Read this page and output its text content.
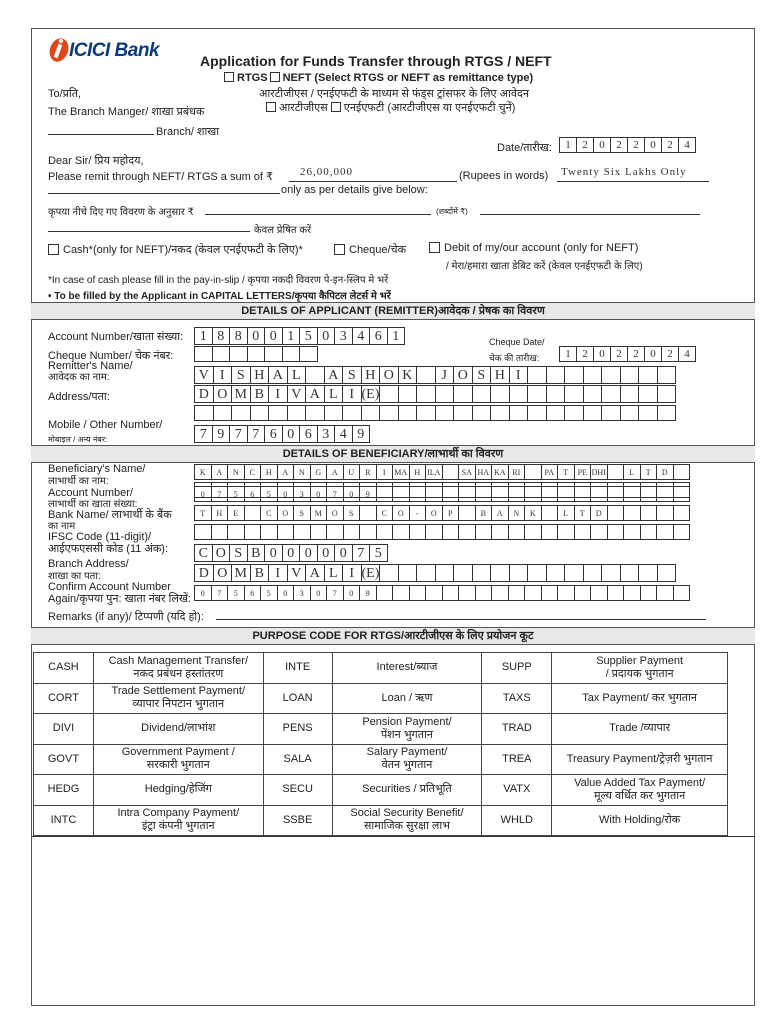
ICICI Bank	Application for Funds Transfer through RTGS / NEFT
RTGS NEFT (Select RTGS or NEFT as remittance type)
आरटीजीएस / एनईएफटी के माध्यम से फंड्स ट्रांसफर के लिए आवेदन
आरटीजीएस एनईएफटी (आरटीजीएस या एनईएफटी चुनें)
To/प्रति,
The Branch Manger/ शाखा प्रबंधक
Branch/ शाखा
Date/तारीख:	1	2	0	2	2	0	2	4
Dear Sir/ प्रिय महोदय,
Please remit through NEFT/ RTGS a sum of ₹ 26,00,000	(Rupees in words) Twenty Six Lakhs Only
only as per details give below:
कृपया नीचे दिए गए विवरण के अनुसार ₹	(शब्दोंमें ₹)
केवल प्रेषित करें
Cash*(only for NEFT)/नकद (केवल एनईएफटी के लिए)*	Cheque/चेक	Debit of my/our account (only for NEFT)
/ मेरा/हमारा खाता डेबिट करें (केवल एनईएफटी के लिए)
*In case of cash please fill in the pay-in-slip / कृपया नकदी विवरण पे-इन-स्लिप मे भरें
• To be filled by the Applicant in CAPITAL LETTERS/कृपया कैपिटल लेटर्स मे भरें
DETAILS OF APPLICANT (REMITTER)आवेदक / प्रेषक का विवरण
Account Number/खाता संख्या:	1 8 8 0 0 1 5 0 3 4 6 1
Cheque Number/ चेक नंबर:
Cheque Date/
चेक की तारीख:	1	2	0	2	2	0	2	4
Remitter's Name/
आवेदक का नाम:	V I S H A L	A S H O K	J O S H I
Address/पता:	D O M B I V A L I (E)
Mobile / Other Number/
मोबाइल / अन्य नंबर:	7 9 7 7 6 0 6 3 4 9
DETAILS OF BENEFICIARY/लाभार्थी का विवरण
Beneficiary's Name/
लाभार्थी का नाम:
K	A	N	C	H	A	N	G	A	U	R	I	MA H ILA	SA HA KA RI	PA	T	PE DHI	L	T	D
Account Number/
लाभार्थी का खाता संख्या:
0	7	5	6	5	0	3	0	7	0	9
Bank Name/ लाभार्थी के बैंक
का नाम
T	H	E	C	O	S	M	O	S	C	O	-	O	P	B	A	N	K	L	T	D
IFSC Code (11-digit)/
आईएफएससी कोड (11 अंक):	C O S B 0 0 0 0 0 7 5
Branch Address/
शाखा का पता:	D O M B I V A L I (E)
Confirm Account Number
Again/कृपया पुन: खाता नंबर लिखें:	0	7	5	6	5	0	3	0	7	0	9
Remarks (if any)/ टिप्पणी (यदि हो):
PURPOSE CODE FOR RTGS/आरटीजीएस के लिए प्रयोजन कूट
CASH	Cash Management Transfer/
नकद प्रबंधन हस्तांतरण	INTE	Interest/ब्याज	SUPP	Supplier Payment
/ प्रदायक भुगतान
CORT	Trade Settlement Payment/
व्यापार निपटान भुगतान	LOAN	Loan / ऋण	TAXS	Tax Payment/ कर भुगतान
DIVI	Dividend/लाभांश	PENS	Pension Payment/
पेंशन भुगतान	TRAD	Trade /व्यापार
GOVT	Government Payment /
सरकारी भुगतान	SALA	Salary Payment/
वेतन भुगतान	TREA	Treasury Payment/ट्रेज़री भुगतान
HEDG	Hedging/हेजिंग	SECU	Securities / प्रतिभूति	VATX	Value Added Tax Payment/
मूल्य वर्धित कर भुगतान
INTC	Intra Company Payment/
इंट्रा कंपनी भुगतान	SSBE	Social Security Benefit/
सामाजिक सुरक्षा लाभ	WHLD	With Holding/रोक
